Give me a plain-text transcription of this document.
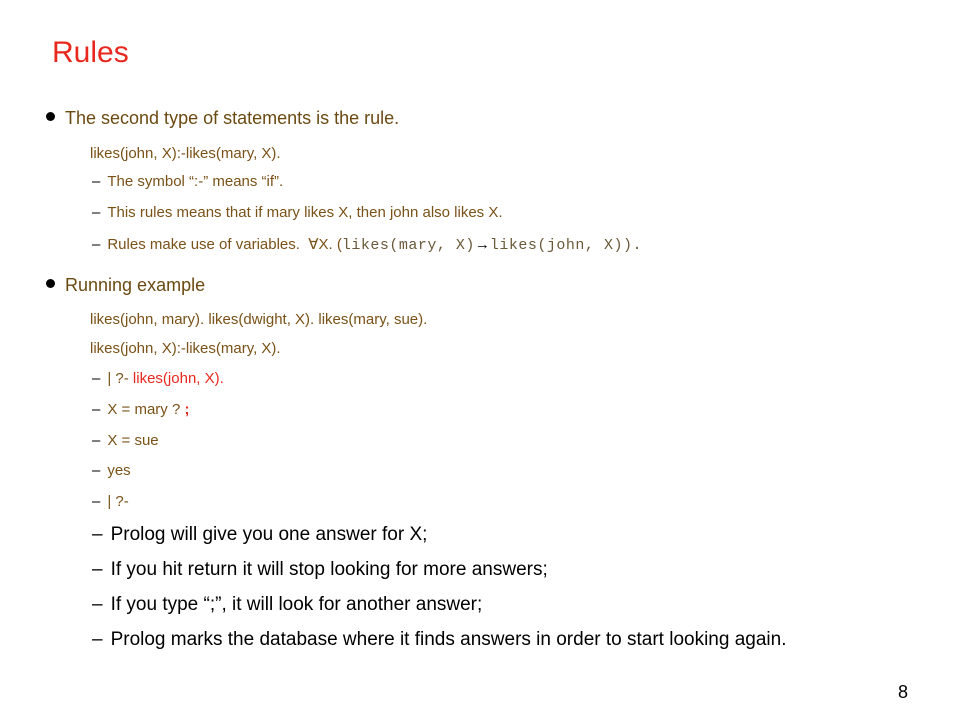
Rules
The second type of statements is the rule.
likes(john, X):-likes(mary, X).
– The symbol “:-” means “if”.
– This rules means that if mary likes X, then john also likes X.
– Rules make use of variables. ∀X. (likes(mary, X)→likes(john, X)).
Running example
likes(john, mary). likes(dwight, X). likes(mary, sue).
likes(john, X):-likes(mary, X).
– | ?- likes(john, X).
– X = mary ? ;
– X = sue
– yes
– | ?-
– Prolog will give you one answer for X;
– If you hit return it will stop looking for more answers;
– If you type “;”, it will look for another answer;
– Prolog marks the database where it finds answers in order to start looking again.
8
